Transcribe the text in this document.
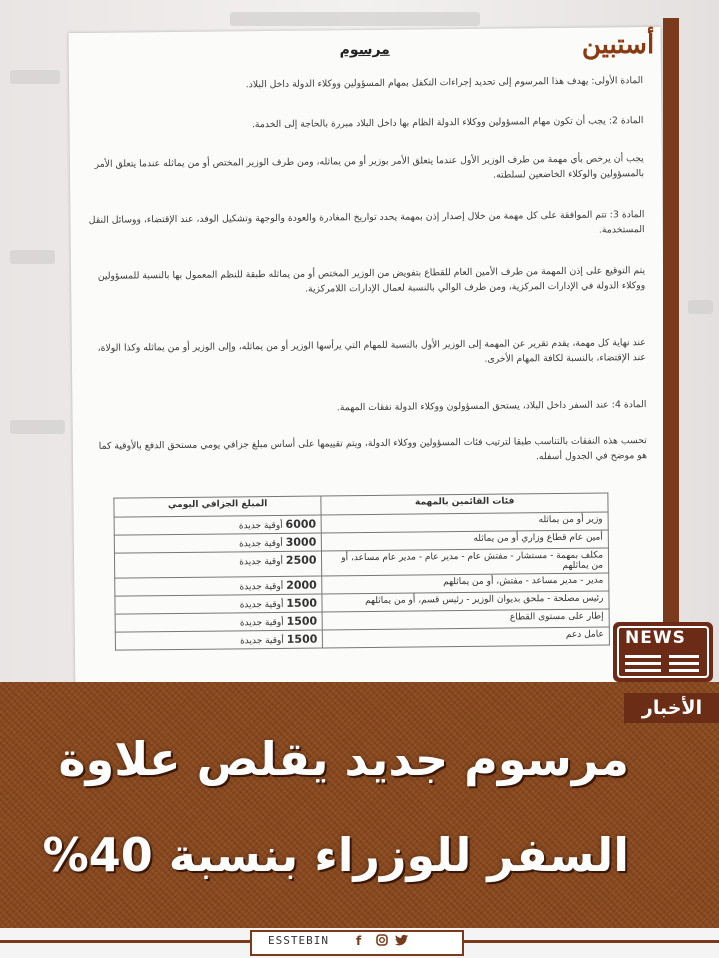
مرسوم

المادة الأولى: يهدف هذا المرسوم إلى تحديد إجراءات التكفل بمهام المسؤولين ووكلاء الدولة داخل البلاد.

المادة 2: يجب أن تكون مهام المسؤولين ووكلاء الدولة الظام بها داخل البلاد مبررة بالحاجة إلى الخدمة.

يجب أن يرخص بأي مهمة من طرف الوزير الأول عندما يتعلق الأمر بوزير أو من يماثله، ومن طرف الوزير المختص أو من يماثله عندما يتعلق الأمر بالمسؤولين والوكلاء الخاضعين لسلطته.

المادة 3: تتم الموافقة على كل مهمة من خلال إصدار إذن بمهمة يحدد تواريخ المغادرة والعودة والوجهة وتشكيل الوفد، عند الإقتضاء، ووسائل النقل المستخدمة.

يتم التوقيع على إذن المهمة من طرف الأمين العام للقطاع بتفويض من الوزير المختص أو من يماثله طبقة للنظم المعمول بها بالنسبة للمسؤولين ووكلاء الدولة في الإدارات المركزية، ومن طرف الوالي بالنسبة لعمال الإدارات اللامركزية.

عند نهاية كل مهمة، يقدم تقرير عن المهمة إلى الوزير الأول بالنسبة للمهام التي يرأسها الوزير أو من يماثله، وإلى الوزير أو من يماثله وكذا الولاة، عند الإقتضاء، بالنسبة لكافة المهام الأخرى.

المادة 4: عند السفر داخل البلاد، يستحق المسؤولون ووكلاء الدولة نفقات المهمة.

تحسب هذه النفقات بالتناسب طبقا لترتيب فئات المسؤولين ووكلاء الدولة، ويتم تقييمها على أساس مبلغ جزافي يومي مستحق الدفع بالأوقية كما هو موضح في الجدول أسفله.

فئات القائمين بالمهمة	المبلغ الجزافي اليومي
وزير أو من يماثله	6000 أوقية جديدة
أمين عام قطاع وزاري أو من يماثله	3000 أوقية جديدة
مكلف بمهمة - مستشار - مفتش عام - مدير عام - مدير عام مساعد، أو من يماثلهم	2500 أوقية جديدة
مدير - مدير مساعد - مفتش، أو من يماثلهم	2000 أوقية جديدة
رئيس مصلحة - ملحق بديوان الوزير - رئيس قسم، أو من يماثلهم	1500 أوقية جديدة
إطار على مستوى القطاع	1500 أوقية جديدة
عامل دعم	1500 أوقية جديدة
أستبين
NEWS
الأخبار
مرسوم جديد يقلص علاوة
السفر للوزراء بنسبة 40%
ESSTEBIN f
